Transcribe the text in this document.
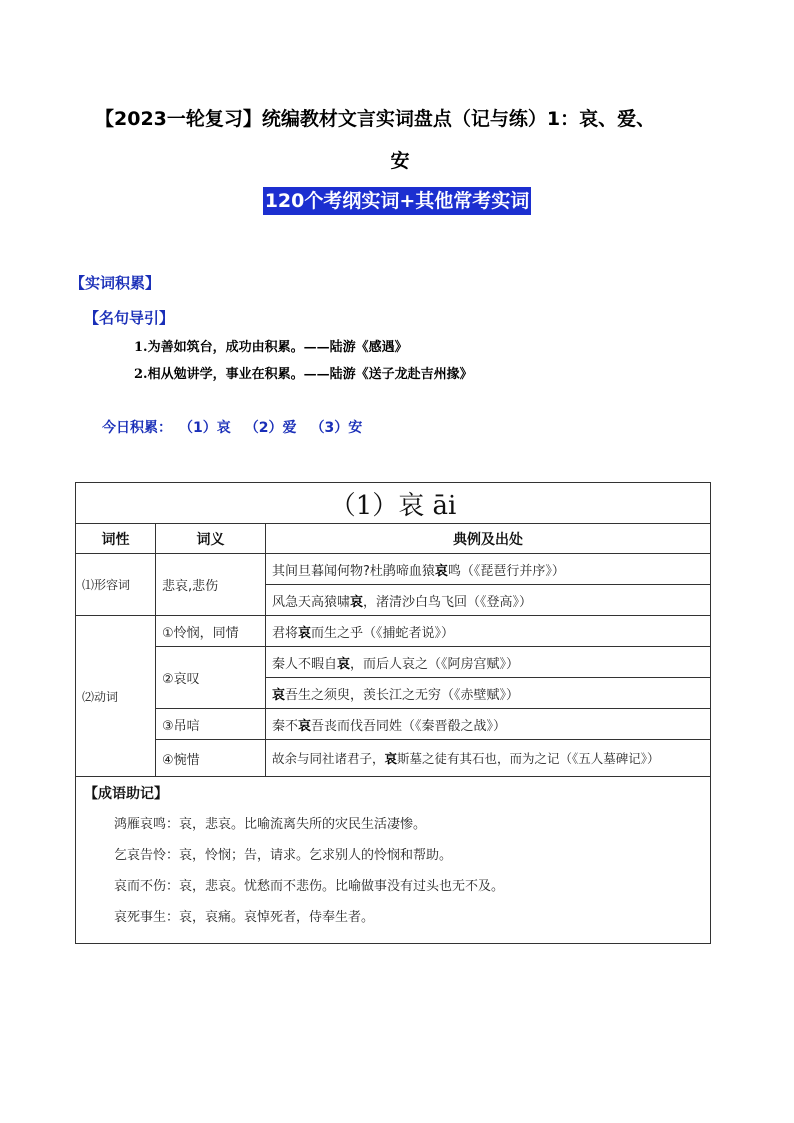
【2023一轮复习】统编教材文言实词盘点（记与练）1：哀、爱、
安
120个考纲实词+其他常考实词
【实词积累】
【名句导引】
1.为善如筑台，成功由积累。——陆游《感遇》
2.相从勉讲学，事业在积累。——陆游《送子龙赴吉州掾》
今日积累： （1）哀 （2）爱 （3）安
（1）哀 āi		
词性	词义	典例及出处
⑴形容词	悲哀,悲伤	其间旦暮闻何物?杜鹃啼血猿哀鸣（《琵琶行并序》）
		风急天高猿啸哀，渚清沙白鸟飞回（《登高》）
⑵动词	①怜悯，同情	君将哀而生之乎（《捕蛇者说》）
	②哀叹	秦人不暇自哀，而后人哀之（《阿房宫赋》）
		哀吾生之须臾，羡长江之无穷（《赤壁赋》）
	③吊唁	秦不哀吾丧而伐吾同姓（《秦晋殽之战》）
	④惋惜	故余与同社诸君子，哀斯墓之徒有其石也，而为之记（《五人墓碑记》）

【成语助记】
鸿雁哀鸣：哀，悲哀。比喻流离失所的灾民生活凄惨。
乞哀告怜：哀，怜悯；告，请求。乞求别人的怜悯和帮助。
哀而不伤：哀，悲哀。忧愁而不悲伤。比喻做事没有过头也无不及。
哀死事生：哀，哀痛。哀悼死者，侍奉生者。		
